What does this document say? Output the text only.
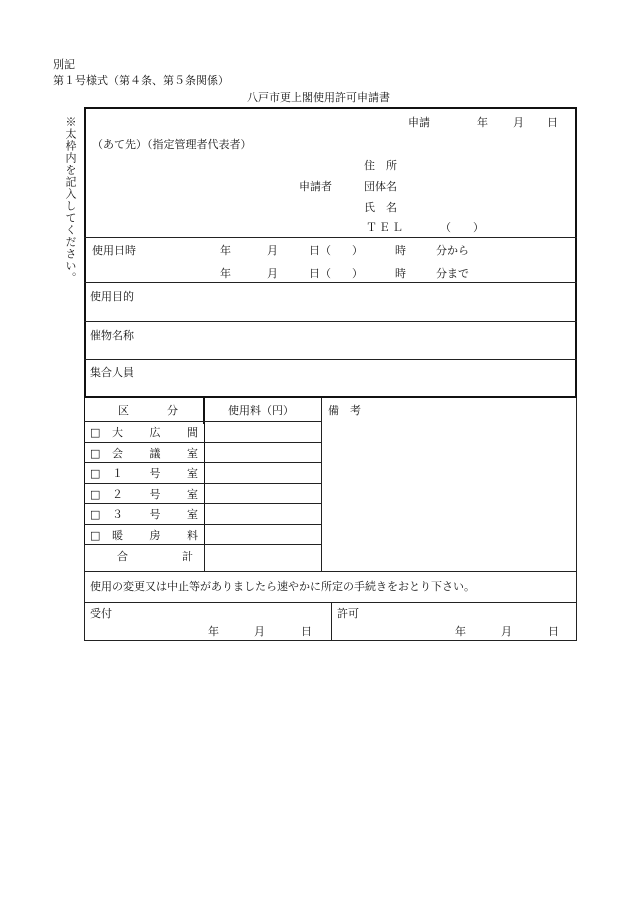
別記
第１号様式（第４条、第５条関係）
八戸市更上閣使用許可申請書
※太枠内を記入してください。	申請	年 月 日
（あて先）（指定管理者代表者）
住　所
申請者	団体名
氏　名
ＴＥＬ	（　　）
使用日時	年	月	日（ ）	時	分から
年	月	日（ ）	時	分まで
使用目的
催物名称
集合人員
区	分	使用料（円）	備　考
□ 大 広 間
□ 会 議 室
□ １ 号 室
□ ２ 号 室
□ ３ 号 室
□ 暖 房 料
合	計
使用の変更又は中止等がありましたら速やかに所定の手続きをおとり下さい。
受付
年	月	日
許可
年	月	日
